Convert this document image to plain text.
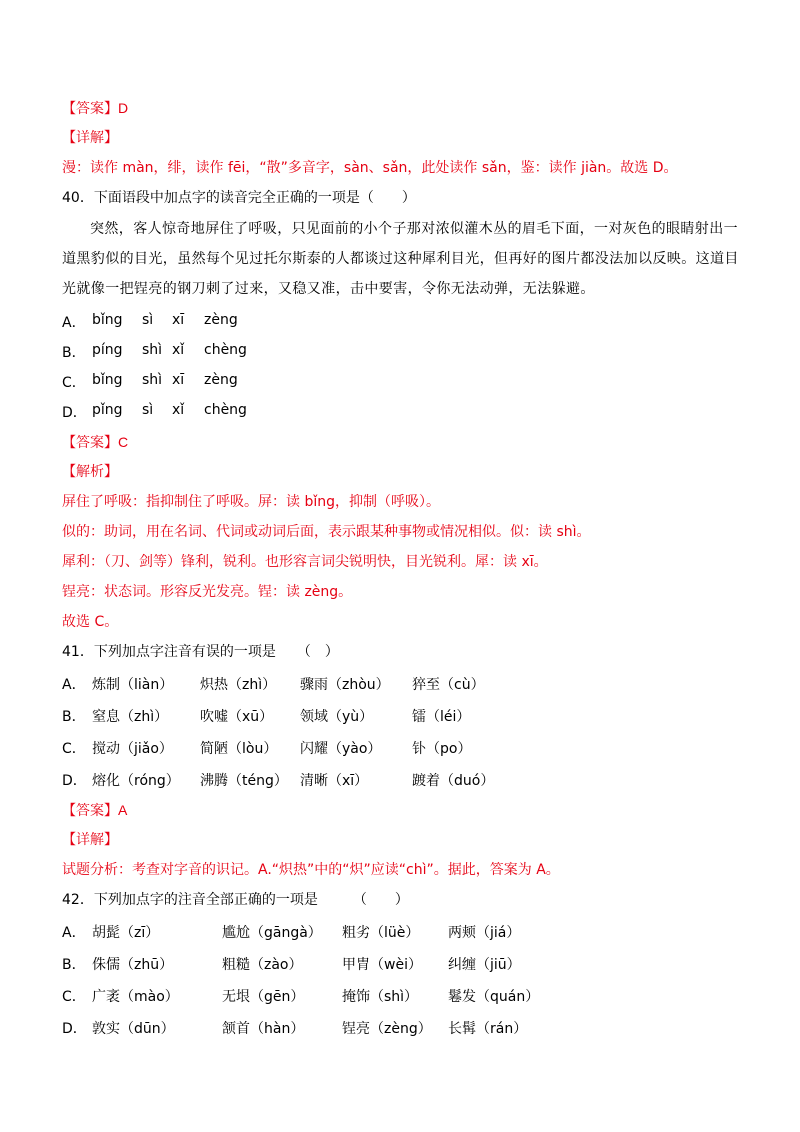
【答案】D
【详解】
漫：读作 màn，绯，读作 fēi，“散”多音字，sàn、sǎn，此处读作 sǎn，鉴：读作 jiàn。故选 D。
40．下面语段中加点字的读音完全正确的一项是（　　）
突然，客人惊奇地屏住了呼吸，只见面前的小个子那对浓似灌木丛的眉毛下面，一对灰色的眼睛射出一道黑豹似的目光，虽然每个见过托尔斯泰的人都谈过这种犀利目光，但再好的图片都没法加以反映。这道目光就像一把锃亮的钢刀刺了过来，又稳又准，击中要害，令你无法动弹，无法躲避。
A． bǐng sì xī zèng
B． píng shì xǐ chèng
C． bǐng shì xī zèng
D． pǐng sì xǐ chèng
【答案】C
【解析】
屏住了呼吸：指抑制住了呼吸。屏：读 bǐng，抑制（呼吸）。
似的：助词，用在名词、代词或动词后面，表示跟某种事物或情况相似。似：读 shì。
犀利：（刀、剑等）锋利，锐利。也形容言词尖锐明快，目光锐利。犀：读 xī。
锃亮：状态词。形容反光发亮。锃：读 zèng。
故选 C。
41．下列加点字注音有误的一项是　　（　）
A． 炼制（liàn） 炽热（zhì） 骤雨（zhòu） 猝至（cù）
B． 窒息（zhì） 吹嘘（xū） 领域（yù）	镭（léi）
C． 搅动（jiǎo） 简陋（lòu） 闪耀（yào） 钋（po）
D． 熔化（róng） 沸腾（téng） 清晰（xī）	踱着（duó）
【答案】A
【详解】
试题分析：考查对字音的识记。A.“炽热”中的“炽”应读“chì”。据此，答案为 A。
42．下列加点字的注音全部正确的一项是　　　（　　）
A． 胡髭（zī）	尴尬（gāngà） 粗劣（lüè） 两颊（jiá）
B． 侏儒（zhū）	粗糙（zào）	甲胄（wèi） 纠缠（jiū）
C． 广袤（mào）	无垠（gēn）	掩饰（shì） 鬈发（quán）
D． 敦实（dūn）	颔首（hàn）	锃亮（zèng） 长髯（rán）
